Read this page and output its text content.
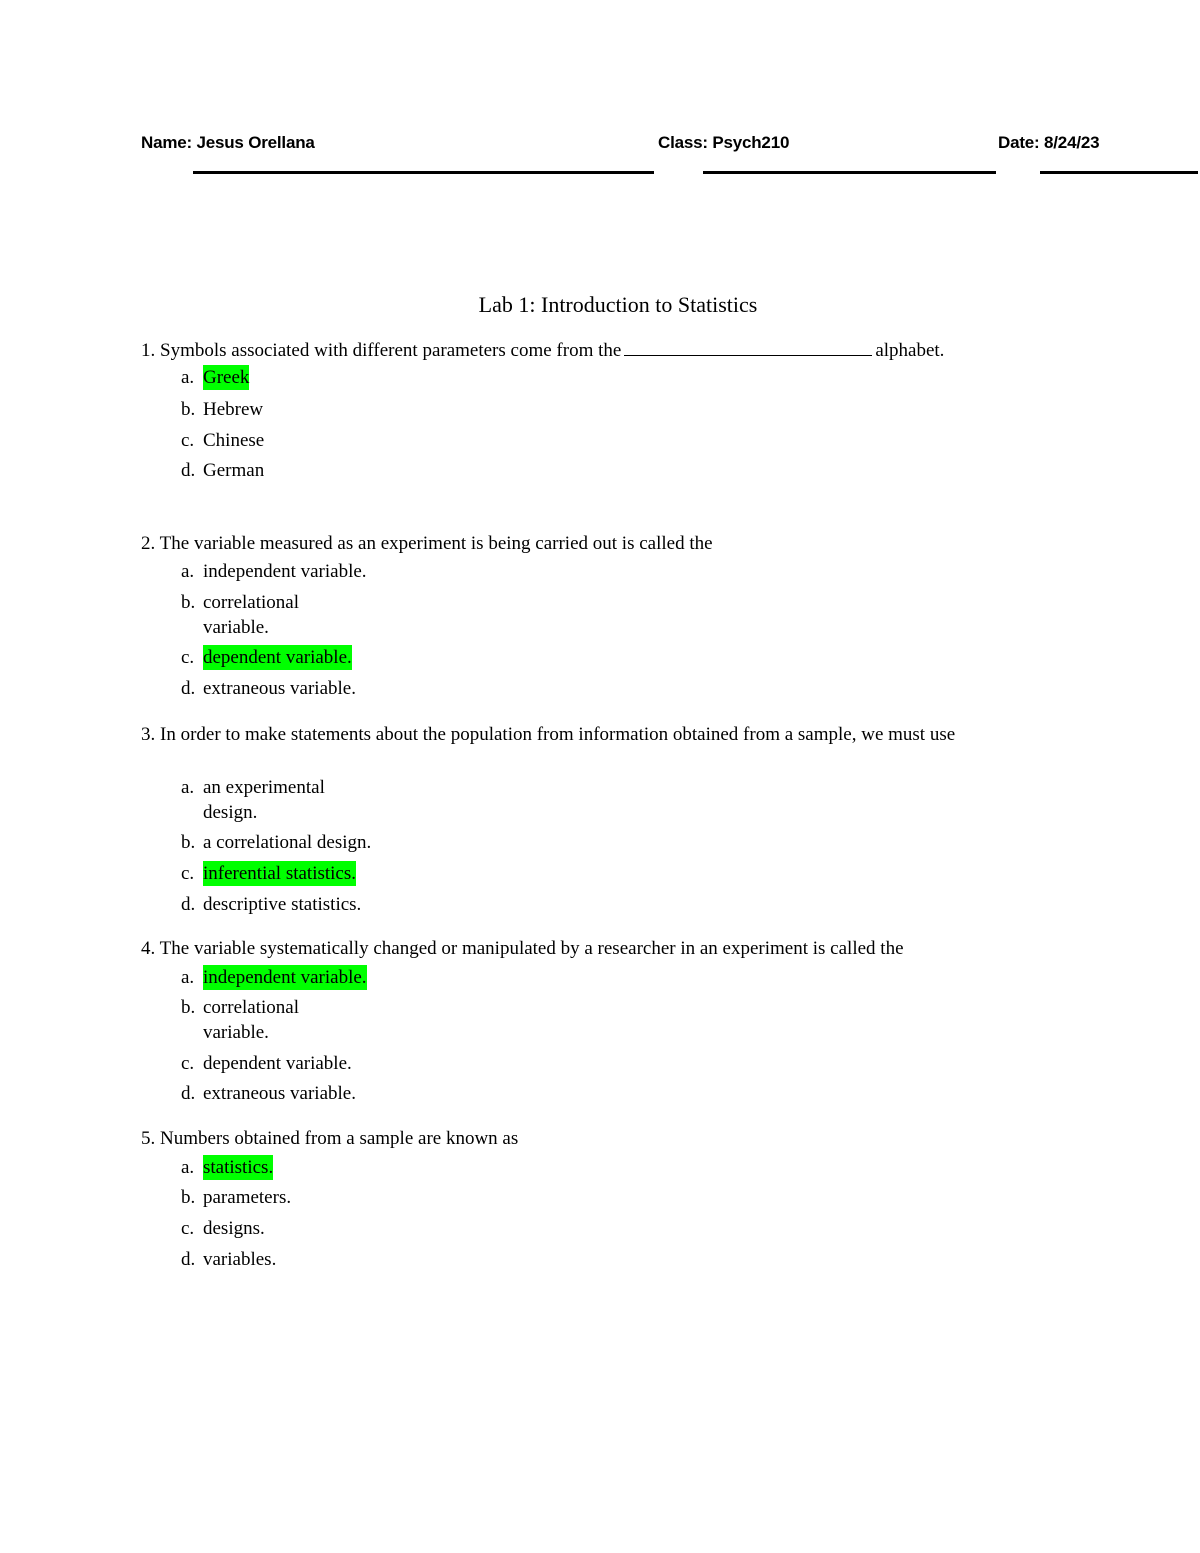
Name: Jesus Orellana	Class: Psych210	Date: 8/24/23
Lab 1: Introduction to Statistics
1. Symbols associated with different parameters come from the	alphabet.
a. Greek
b. Hebrew
c. Chinese
d. German
2. The variable measured as an experiment is being carried out is called the
a. independent variable.
b. correlational variable.
c. dependent variable.
d. extraneous variable.
3. In order to make statements about the population from information obtained from a sample, we must use
a. an experimental design.
b. a correlational design.
c. inferential statistics.
d. descriptive statistics.
4. The variable systematically changed or manipulated by a researcher in an experiment is called the
a. independent variable.
b. correlational variable.
c. dependent variable.
d. extraneous variable.
5. Numbers obtained from a sample are known as
a. statistics.
b. parameters.
c. designs.
d. variables.
